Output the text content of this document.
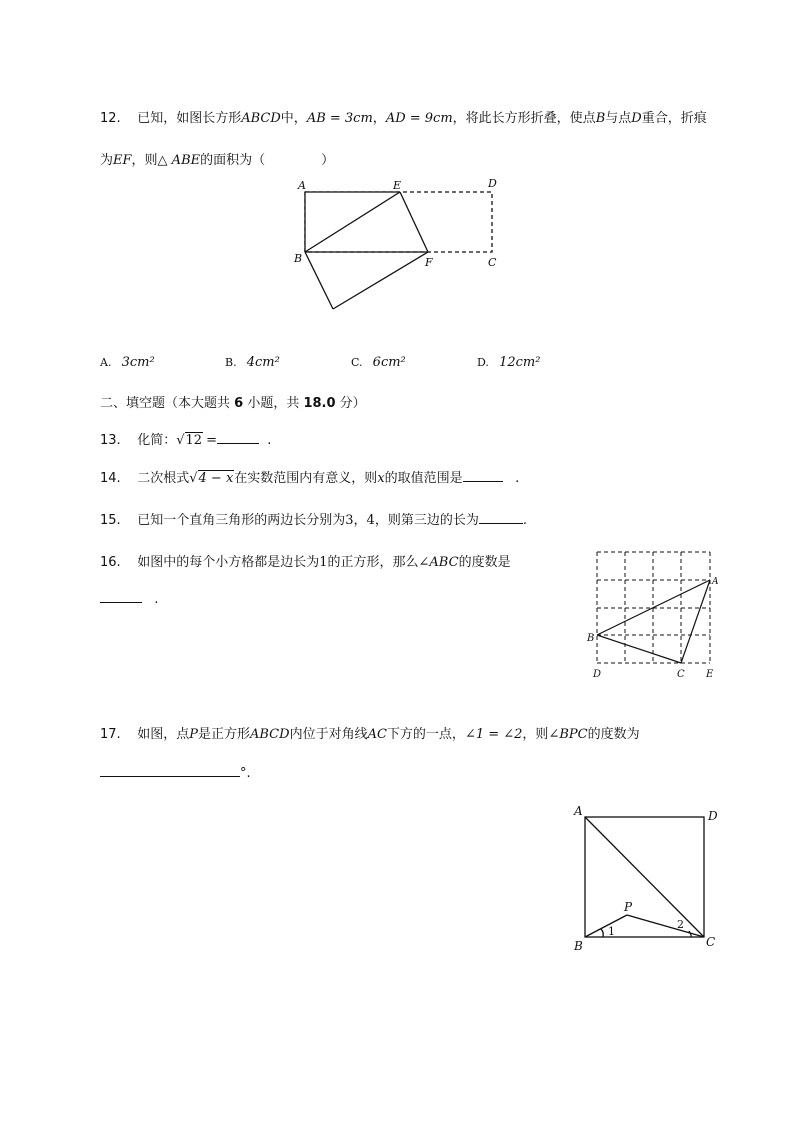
12. 已知，如图长方形ABCD中，AB = 3cm，AD = 9cm，将此长方形折叠，使点B与点D重合，折痕
为EF，则△ ABE的面积为（	）
A	E	D
B	F	C
A. 3cm²	B. 4cm²	C. 6cm²	D. 12cm²
二、填空题（本大题共 6 小题，共 18.0 分）
13. 化简：√12 =	.
14. 二次根式√4 − x在实数范围内有意义，则x的取值范围是	.
15. 已知一个直角三角形的两边长分别为3，4，则第三边的长为	.
16. 如图中的每个小方格都是边长为1的正方形，那么∠ABC的度数是
.
A
B
D	C E
17. 如图，点P是正方形ABCD内位于对角线AC下方的一点，∠1 = ∠2，则∠BPC的度数为
°.
A	D
B	C
P
1
2
